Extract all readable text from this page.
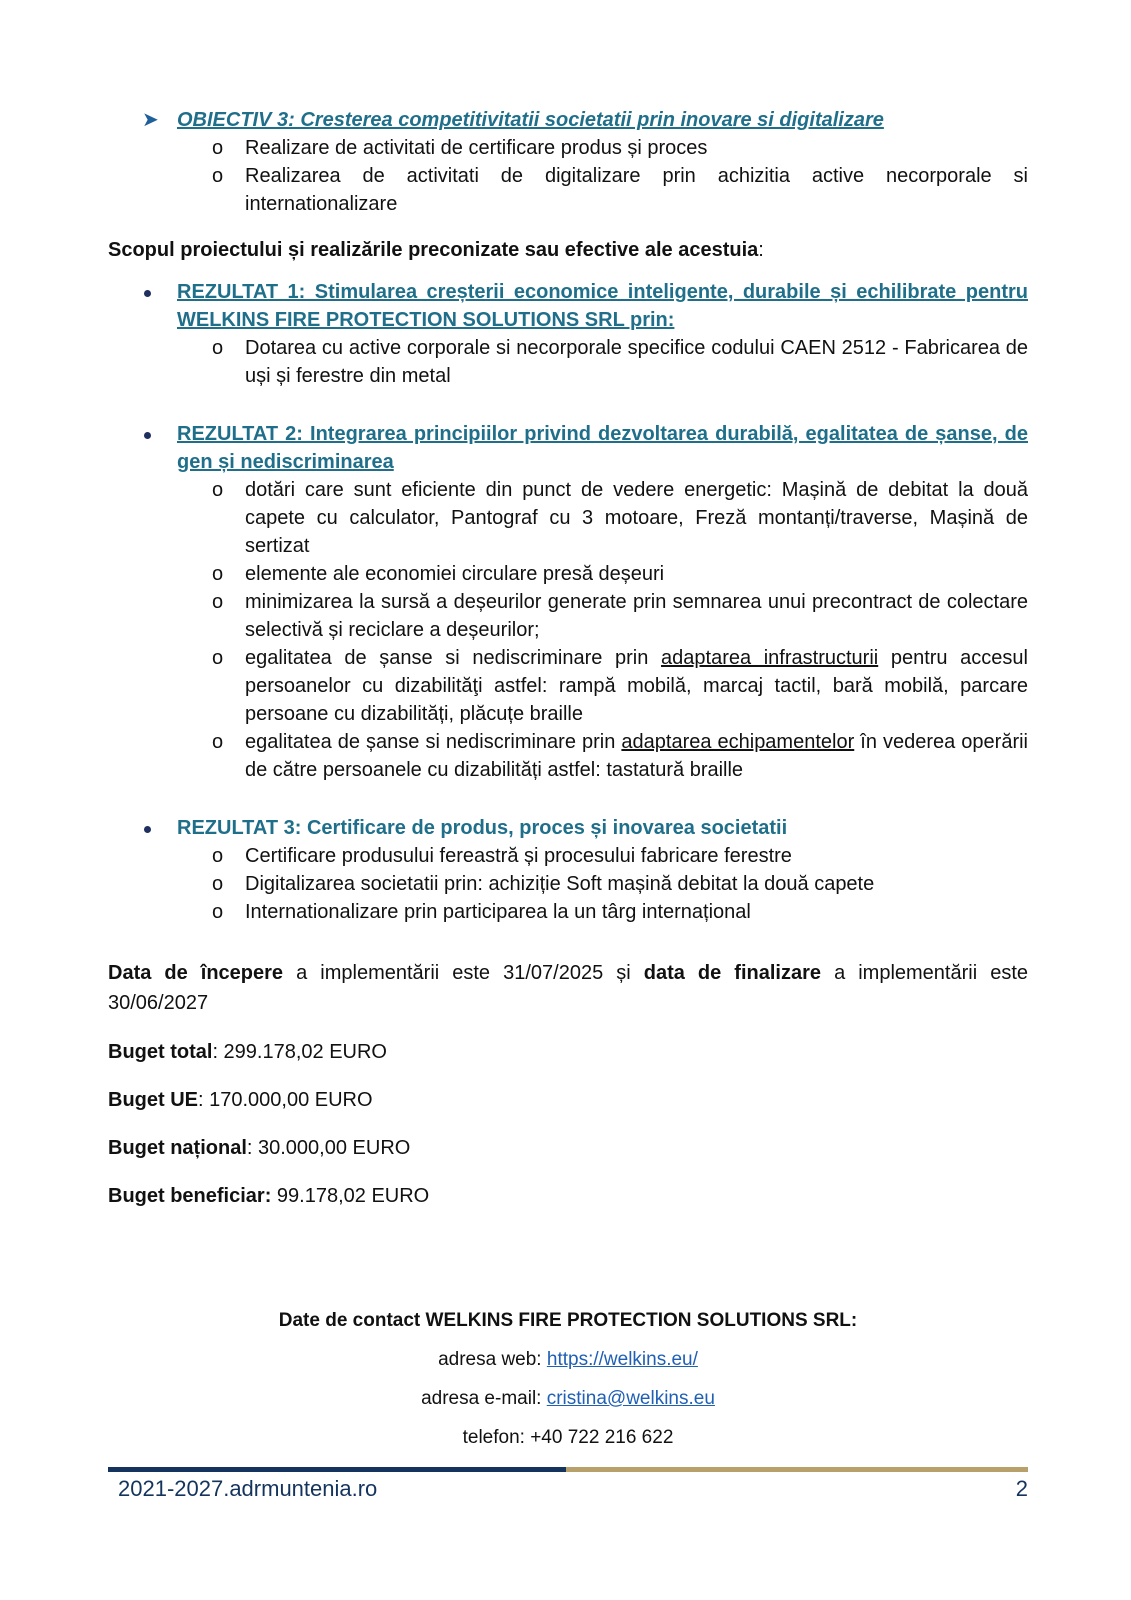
➤ OBIECTIV 3: Cresterea competitivitatii societatii prin inovare si digitalizare

o Realizare de activitati de certificare produs și proces
o Realizarea de activitati de digitalizare prin achizitia active necorporale si internationalizare

Scopul proiectului și realizările preconizate sau efective ale acestuia:

REZULTAT 1: Stimularea creșterii economice inteligente, durabile și echilibrate pentru WELKINS FIRE PROTECTION SOLUTIONS SRL prin:

o Dotarea cu active corporale si necorporale specifice codului CAEN 2512 - Fabricarea de uși și ferestre din metal

REZULTAT 2: Integrarea principiilor privind dezvoltarea durabilă, egalitatea de șanse, de gen și nediscriminarea

o dotări care sunt eficiente din punct de vedere energetic: Mașină de debitat la două capete cu calculator, Pantograf cu 3 motoare, Freză montanți/traverse, Mașină de sertizat
o elemente ale economiei circulare presă deșeuri
o minimizarea la sursă a deșeurilor generate prin semnarea unui precontract de colectare selectivă și reciclare a deșeurilor;
o egalitatea de șanse si nediscriminare prin adaptarea infrastructurii pentru accesul persoanelor cu dizabilităţi astfel: rampă mobilă, marcaj tactil, bară mobilă, parcare persoane cu dizabilități, plăcuțe braille
o egalitatea de șanse si nediscriminare prin adaptarea echipamentelor în vederea operării de către persoanele cu dizabilități astfel: tastatură braille

REZULTAT 3: Certificare de produs, proces și inovarea societatii

o Certificare produsului fereastră și procesului fabricare ferestre
o Digitalizarea societatii prin: achiziție Soft mașină debitat la două capete
o Internationalizare prin participarea la un târg internațional

Data de începere a implementării este 31/07/2025 și data de finalizare a implementării este 30/06/2027

Buget total: 299.178,02 EURO

Buget UE: 170.000,00 EURO

Buget național: 30.000,00 EURO

Buget beneficiar: 99.178,02 EURO

Date de contact WELKINS FIRE PROTECTION SOLUTIONS SRL:
adresa web: https://welkins.eu/
adresa e-mail: cristina@welkins.eu
telefon: +40 722 216 622
2021-2027.adrmuntenia.ro	2
